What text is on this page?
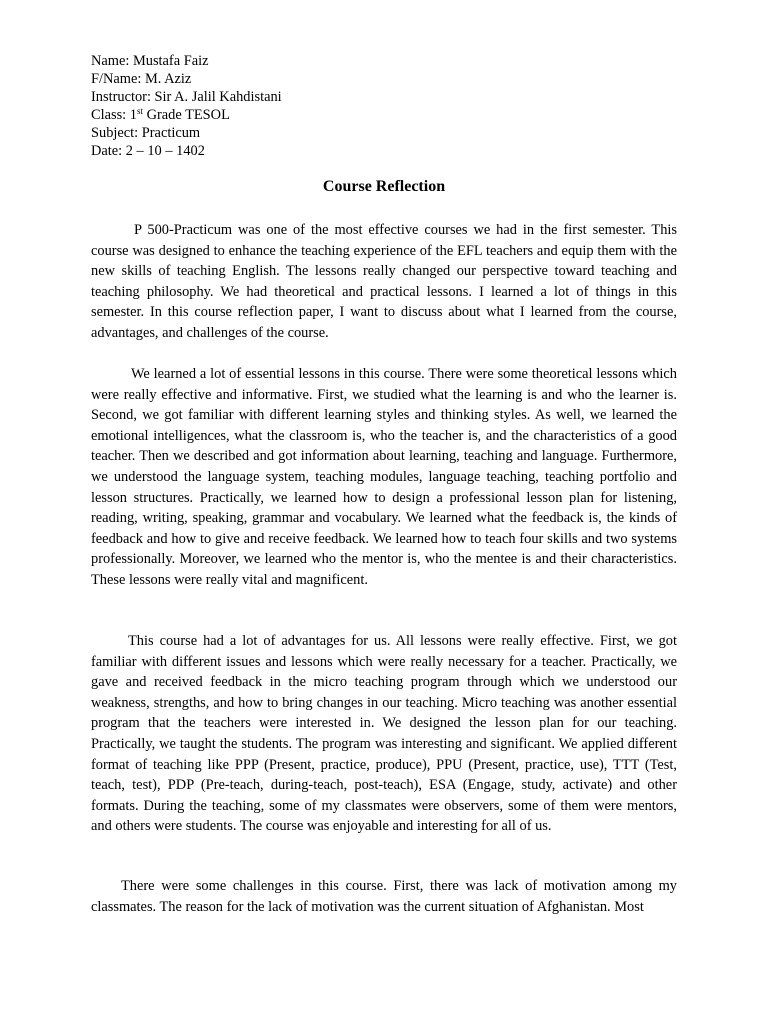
Name: Mustafa Faiz
F/Name: M. Aziz
Instructor: Sir A. Jalil Kahdistani
Class: 1st Grade TESOL
Subject: Practicum
Date: 2 – 10 – 1402
Course Reflection
P 500-Practicum was one of the most effective courses we had in the first semester. This course was designed to enhance the teaching experience of the EFL teachers and equip them with the new skills of teaching English. The lessons really changed our perspective toward teaching and teaching philosophy. We had theoretical and practical lessons. I learned a lot of things in this semester. In this course reflection paper, I want to discuss about what I learned from the course, advantages, and challenges of the course.
We learned a lot of essential lessons in this course. There were some theoretical lessons which were really effective and informative. First, we studied what the learning is and who the learner is. Second, we got familiar with different learning styles and thinking styles. As well, we learned the emotional intelligences, what the classroom is, who the teacher is, and the characteristics of a good teacher. Then we described and got information about learning, teaching and language. Furthermore, we understood the language system, teaching modules, language teaching, teaching portfolio and lesson structures. Practically, we learned how to design a professional lesson plan for listening, reading, writing, speaking, grammar and vocabulary. We learned what the feedback is, the kinds of feedback and how to give and receive feedback. We learned how to teach four skills and two systems professionally. Moreover, we learned who the mentor is, who the mentee is and their characteristics. These lessons were really vital and magnificent.
This course had a lot of advantages for us. All lessons were really effective. First, we got familiar with different issues and lessons which were really necessary for a teacher. Practically, we gave and received feedback in the micro teaching program through which we understood our weakness, strengths, and how to bring changes in our teaching. Micro teaching was another essential program that the teachers were interested in. We designed the lesson plan for our teaching. Practically, we taught the students. The program was interesting and significant. We applied different format of teaching like PPP (Present, practice, produce), PPU (Present, practice, use), TTT (Test, teach, test), PDP (Pre-teach, during-teach, post-teach), ESA (Engage, study, activate) and other formats. During the teaching, some of my classmates were observers, some of them were mentors, and others were students. The course was enjoyable and interesting for all of us.
There were some challenges in this course. First, there was lack of motivation among my classmates. The reason for the lack of motivation was the current situation of Afghanistan. Most
